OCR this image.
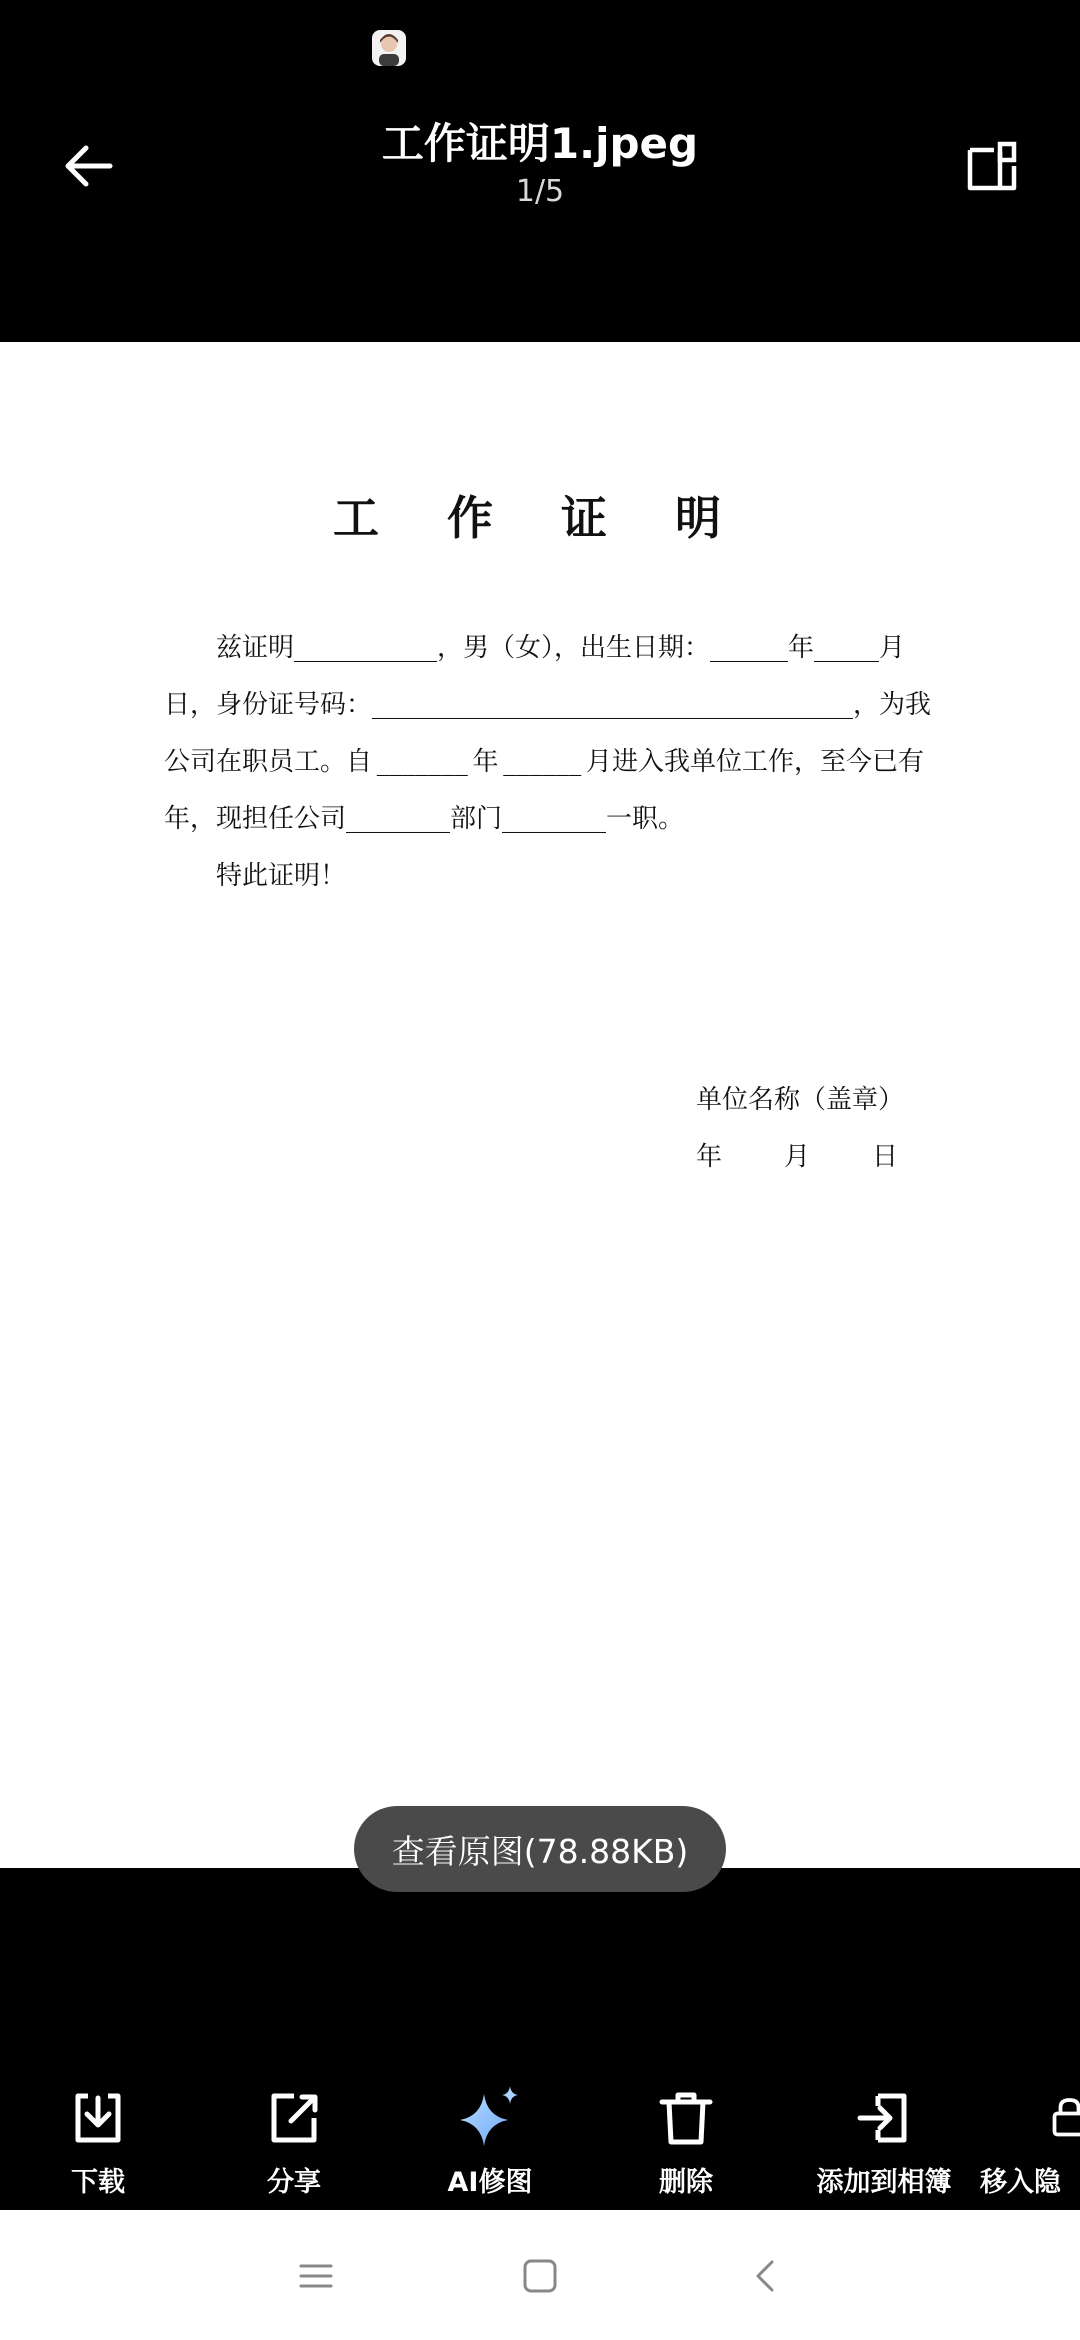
工作证明1.jpeg
1/5
工 作 证 明
兹证明 ___________ ，男（女），出生日期： ______ 年 _____ 月
日，身份证号码： _____________________________________ ，为我
公司在职员工。自 _______ 年 ______ 月进入我单位工作，至今已有
年，现担任公司 ________ 部门 ________ 一职。
特此证明！
单位名称（盖章）
年 月 日
查看原图(78.88KB)
下载	分享	AI修图	删除	添加到相簿	移入隐
